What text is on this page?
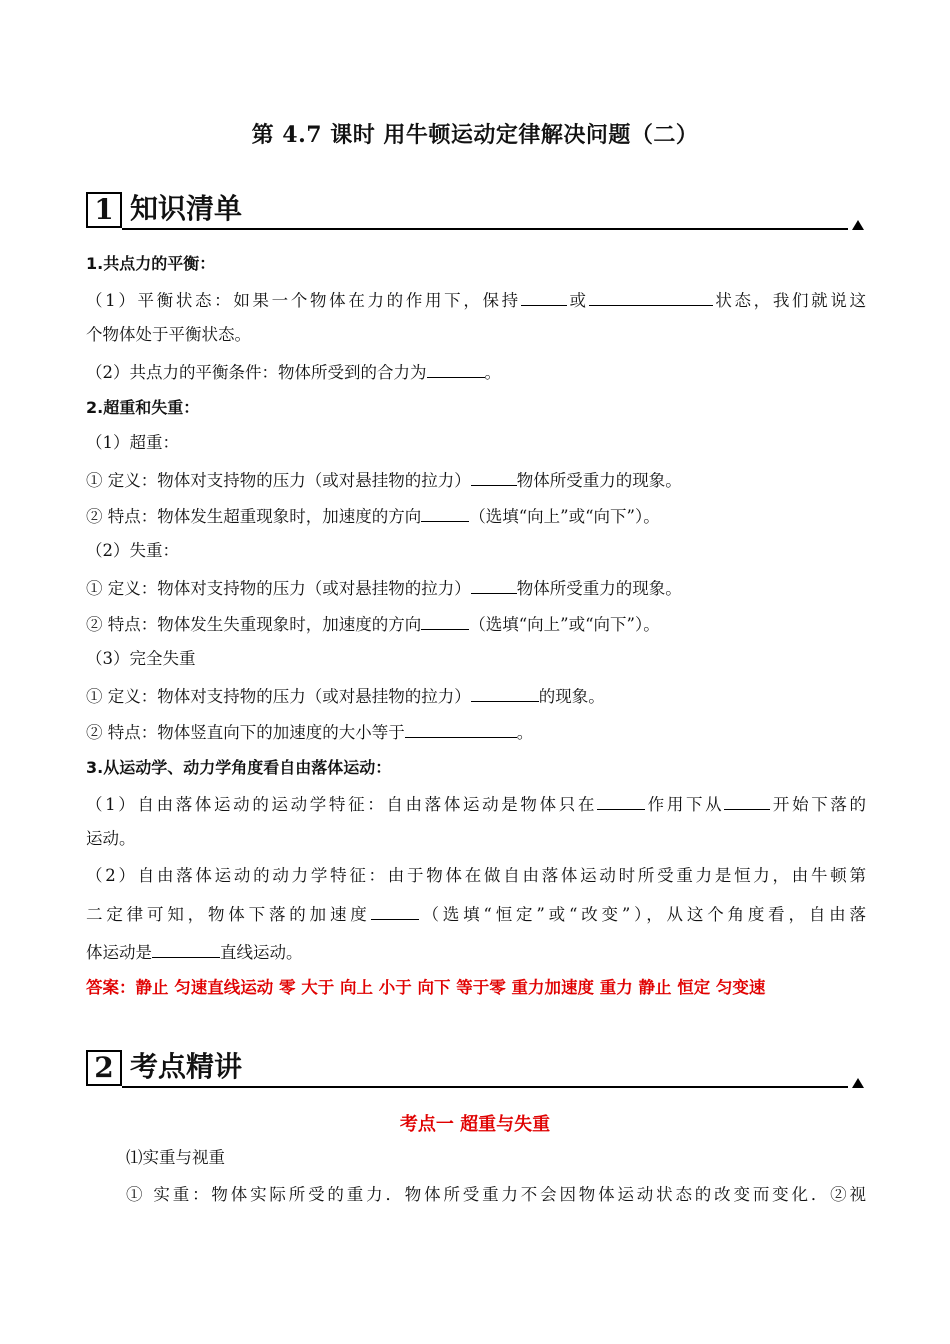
第 4.7 课时 用牛顿运动定律解决问题（二）
1 知识清单
1.共点力的平衡：
（1）平衡状态：如果一个物体在力的作用下，保持	或	状态，我们就说这
个物体处于平衡状态。
（2）共点力的平衡条件：物体所受到的合力为	。
2.超重和失重：
（1）超重：
① 定义：物体对支持物的压力（或对悬挂物的拉力）	物体所受重力的现象。
② 特点：物体发生超重现象时，加速度的方向	（选填“向上”或“向下”）。
（2）失重：
① 定义：物体对支持物的压力（或对悬挂物的拉力）	物体所受重力的现象。
② 特点：物体发生失重现象时，加速度的方向	（选填“向上”或“向下”）。
（3）完全失重
① 定义：物体对支持物的压力（或对悬挂物的拉力）	的现象。
② 特点：物体竖直向下的加速度的大小等于	。
3.从运动学、动力学角度看自由落体运动：
（1）自由落体运动的运动学特征：自由落体运动是物体只在	作用下从	开始下落的
运动。
（2）自由落体运动的动力学特征：由于物体在做自由落体运动时所受重力是恒力，由牛顿第
二定律可知，物体下落的加速度	（选填“恒定”或“改变”），从这个角度看，自由落
体运动是	直线运动。
答案：静止 匀速直线运动 零 大于 向上 小于 向下 等于零 重力加速度 重力 静止 恒定 匀变速
2 考点精讲
考点一 超重与失重
⑴实重与视重
① 实重：物体实际所受的重力．物体所受重力不会因物体运动状态的改变而变化．②视
